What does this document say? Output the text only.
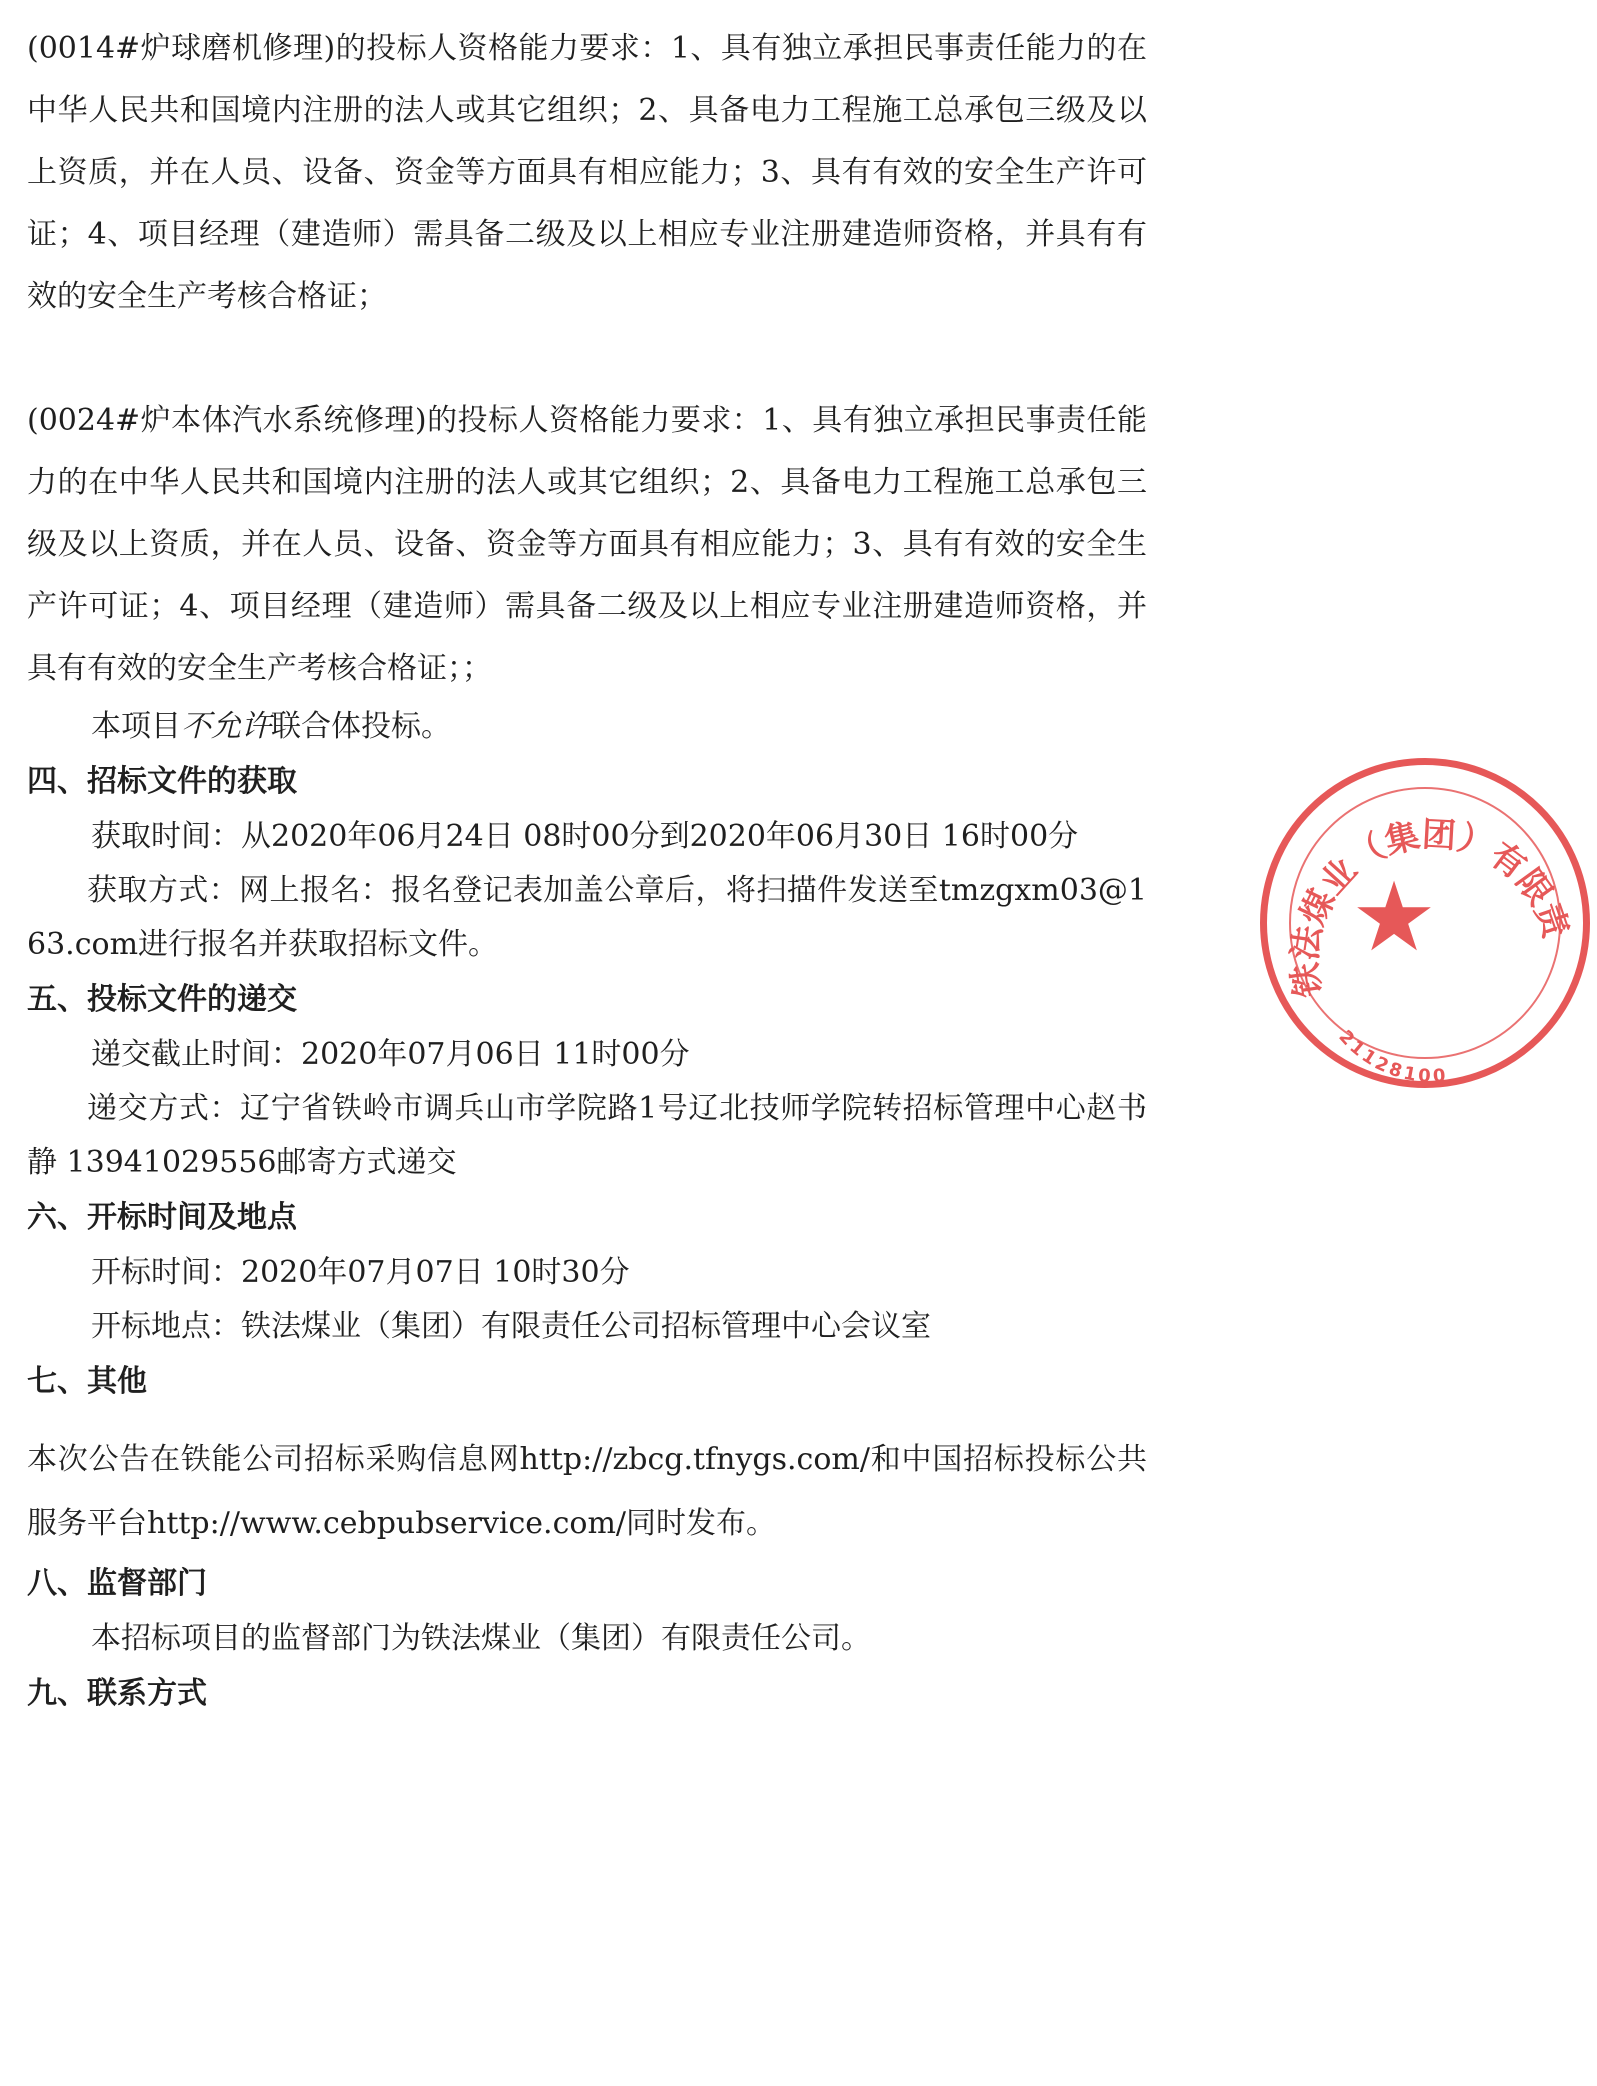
(0014#炉球磨机修理)的投标人资格能力要求：1、具有独立承担民事责任能力的在中华人民共和国境内注册的法人或其它组织；2、具备电力工程施工总承包三级及以上资质，并在人员、设备、资金等方面具有相应能力；3、具有有效的安全生产许可证；4、项目经理（建造师）需具备二级及以上相应专业注册建造师资格，并具有有效的安全生产考核合格证；

(0024#炉本体汽水系统修理)的投标人资格能力要求：1、具有独立承担民事责任能力的在中华人民共和国境内注册的法人或其它组织；2、具备电力工程施工总承包三级及以上资质，并在人员、设备、资金等方面具有相应能力；3、具有有效的安全生产许可证；4、项目经理（建造师）需具备二级及以上相应专业注册建造师资格，并具有有效的安全生产考核合格证；；

本项目不允许联合体投标。

四、招标文件的获取

获取时间：从2020年06月24日 08时00分到2020年06月30日 16时00分

获取方式：网上报名：报名登记表加盖公章后，将扫描件发送至tmzgxm03@163.com进行报名并获取招标文件。

五、投标文件的递交

递交截止时间：2020年07月06日 11时00分

递交方式：辽宁省铁岭市调兵山市学院路1号辽北技师学院转招标管理中心赵书静 13941029556邮寄方式递交

六、开标时间及地点

开标时间：2020年07月07日 10时30分

开标地点：铁法煤业（集团）有限责任公司招标管理中心会议室

七、其他

本次公告在铁能公司招标采购信息网http://zbcg.tfnygs.com/和中国招标投标公共服务平台http://www.cebpubservice.com/同时发布。

八、监督部门

本招标项目的监督部门为铁法煤业（集团）有限责任公司。

九、联系方式
★
铁法煤业（集团）有限责
21128100
